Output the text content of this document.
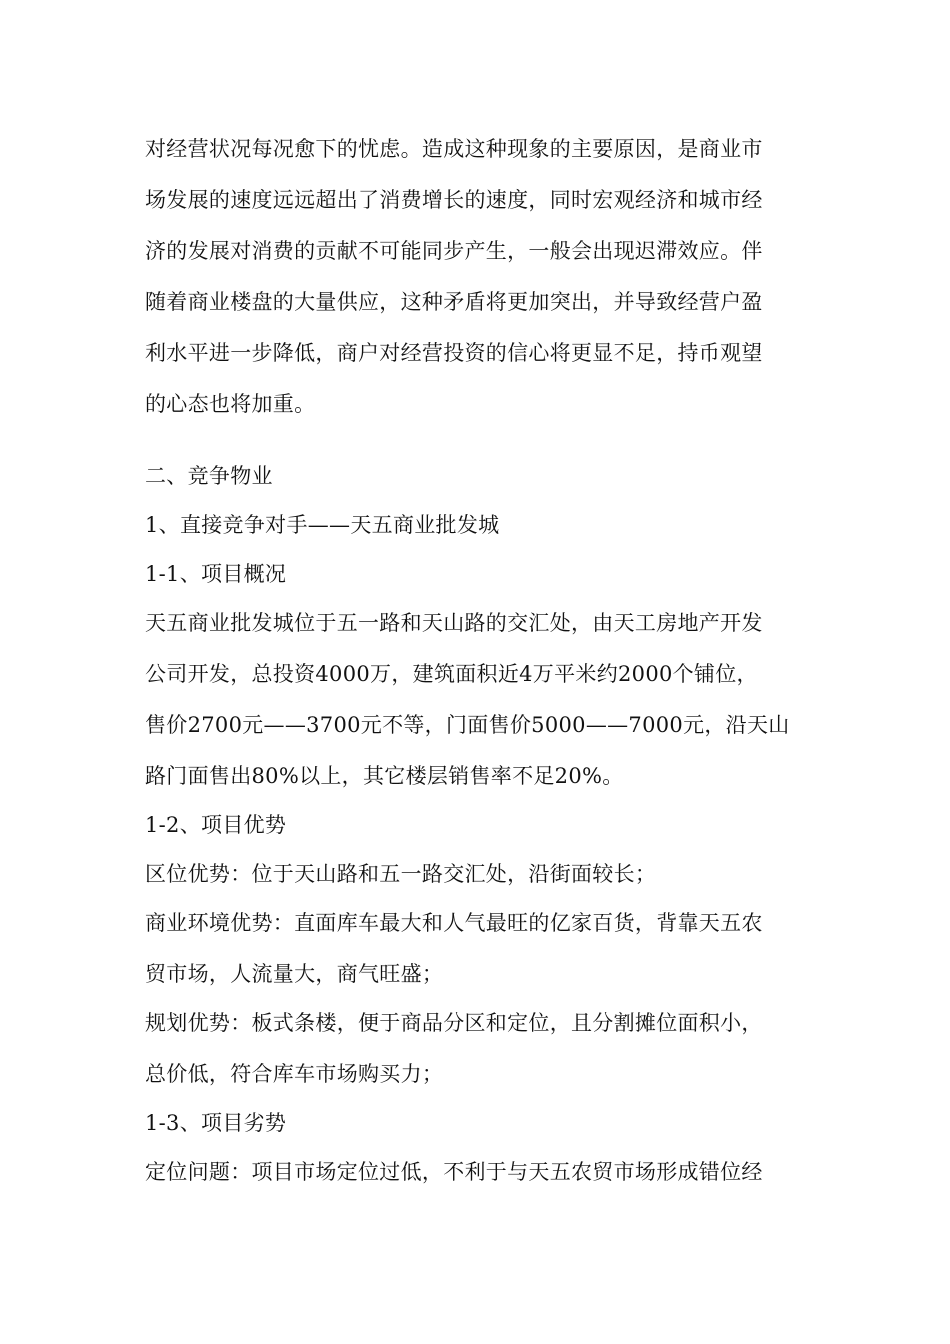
对经营状况每况愈下的忧虑。造成这种现象的主要原因，是商业市
场发展的速度远远超出了消费增长的速度，同时宏观经济和城市经
济的发展对消费的贡献不可能同步产生，一般会出现迟滞效应。伴
随着商业楼盘的大量供应，这种矛盾将更加突出，并导致经营户盈
利水平进一步降低，商户对经营投资的信心将更显不足，持币观望
的心态也将加重。
二、竞争物业
1、直接竞争对手——天五商业批发城
1-1、项目概况
天五商业批发城位于五一路和天山路的交汇处，由天工房地产开发
公司开发，总投资4000万，建筑面积近4万平米约2000个铺位，
售价2700元——3700元不等，门面售价5000——7000元，沿天山
路门面售出80%以上，其它楼层销售率不足20%。
1-2、项目优势
区位优势：位于天山路和五一路交汇处，沿街面较长；
商业环境优势：直面库车最大和人气最旺的亿家百货，背靠天五农
贸市场，人流量大，商气旺盛；
规划优势：板式条楼，便于商品分区和定位，且分割摊位面积小，
总价低，符合库车市场购买力；
1-3、项目劣势
定位问题：项目市场定位过低，不利于与天五农贸市场形成错位经
